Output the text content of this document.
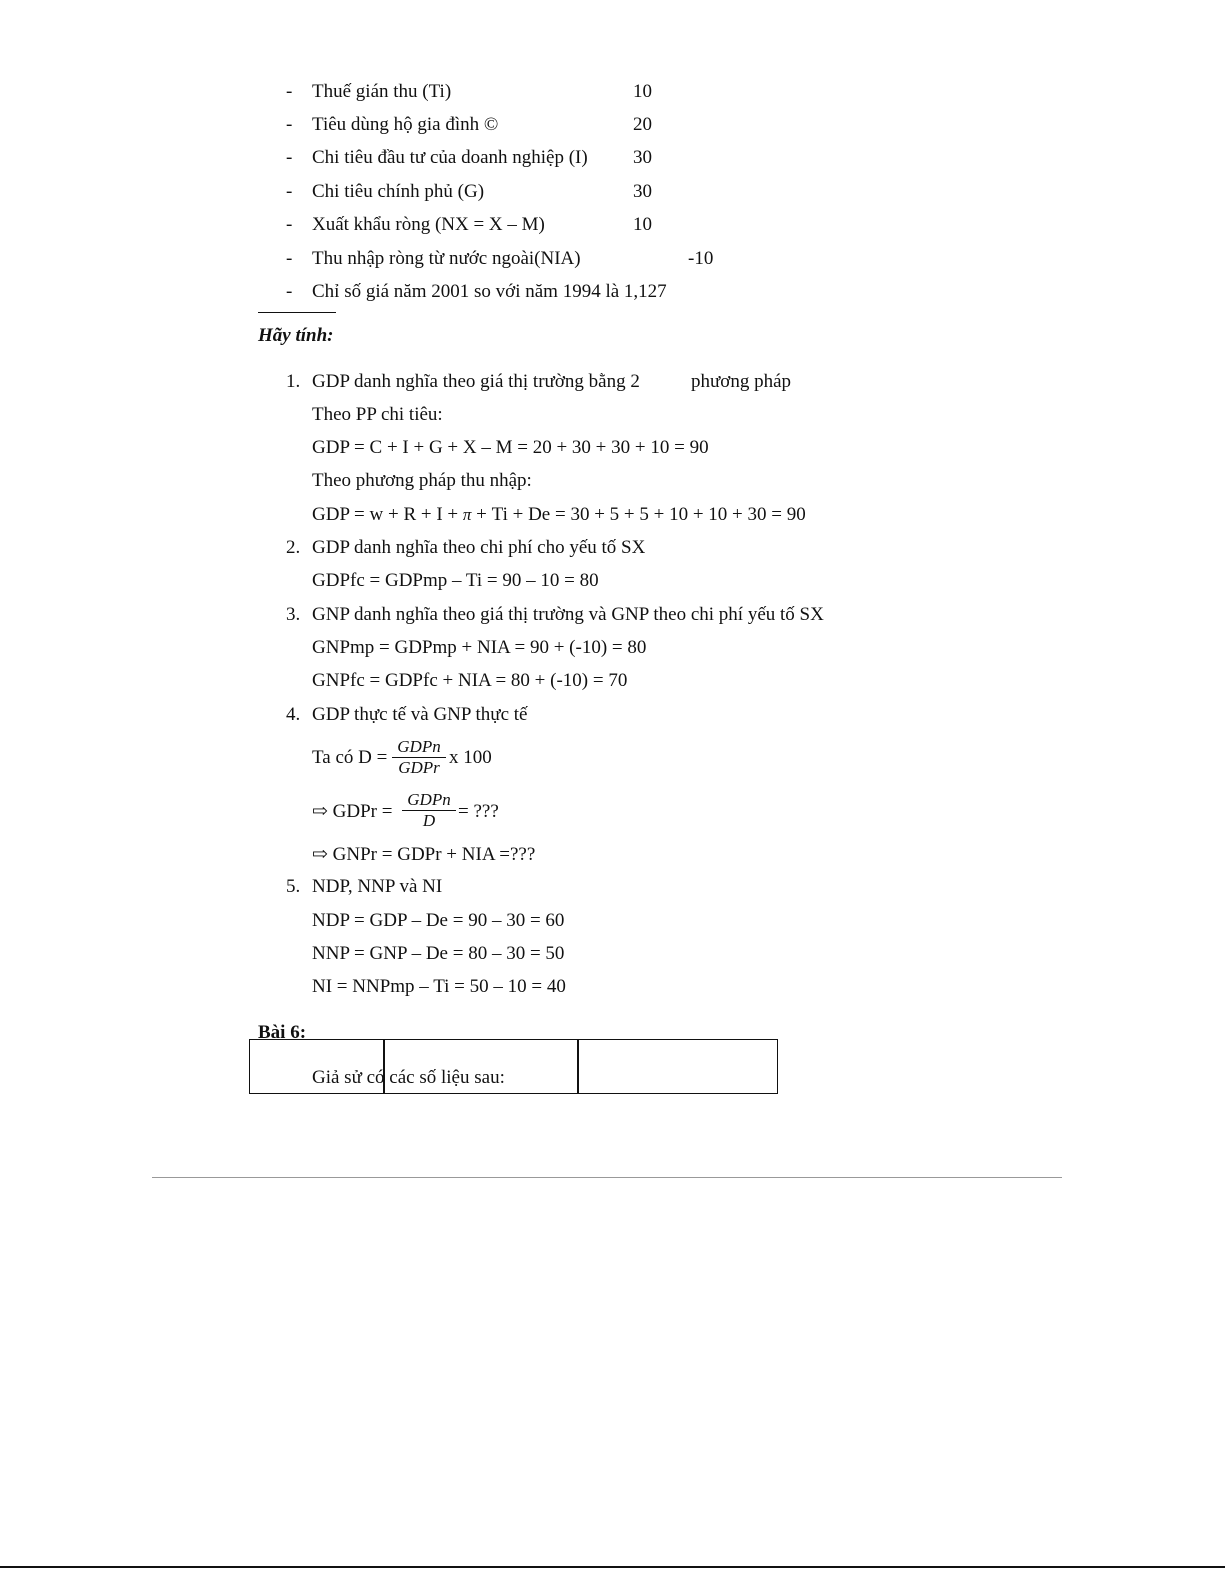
- Thuế gián thu (Ti)	10
- Tiêu dùng hộ gia đình ©	20
- Chi tiêu đầu tư của doanh nghiệp (I) 30
- Chi tiêu chính phủ (G)	30
- Xuất khẩu ròng (NX = X – M)	10
- Thu nhập ròng từ nước ngoài(NIA)	-10
- Chỉ số giá năm 2001 so với năm 1994 là 1,127
Hãy tính:
1. GDP danh nghĩa theo giá thị trường bằng 2	phương pháp
Theo PP chi tiêu:
GDP = C + I + G + X – M = 20 + 30 + 30 + 10 = 90
Theo phương pháp thu nhập:
GDP = w + R + I + π + Ti + De = 30 + 5 + 5 + 10 + 10 + 30 = 90
2. GDP danh nghĩa theo chi phí cho yếu tố SX
GDPfc = GDPmp – Ti = 90 – 10 = 80
3. GNP danh nghĩa theo giá thị trường và GNP theo chi phí yếu tố SX
GNPmp = GDPmp + NIA = 90 + (-10) = 80
GNPfc = GDPfc + NIA = 80 + (-10) = 70
4. GDP thực tế và GNP thực tế
Ta có D =
GDPn
GDPr x 100
⇨ GDPr =
GDPn
D	= ???
⇨ GNPr = GDPr + NIA =???
5. NDP, NNP và NI
NDP = GDP – De = 90 – 30 = 60
NNP = GNP – De = 80 – 30 = 50
NI = NNPmp – Ti = 50 – 10 = 40
Bài 6:
Giả sử có các số liệu sau:
